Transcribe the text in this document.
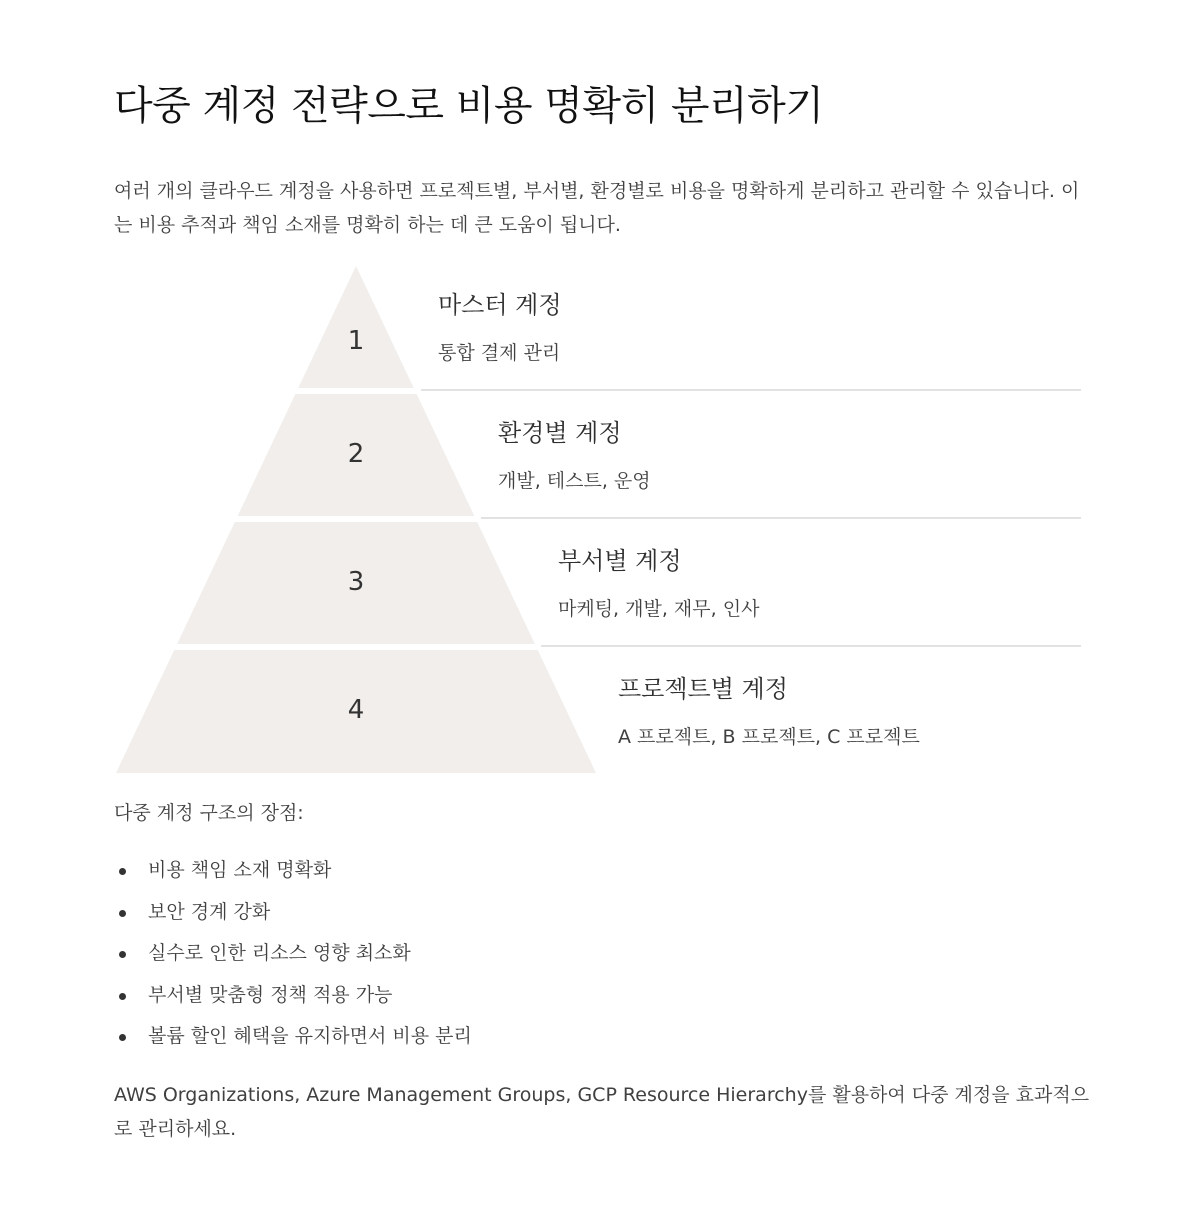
다중 계정 전략으로 비용 명확히 분리하기

여러 개의 클라우드 계정을 사용하면 프로젝트별, 부서별, 환경별로 비용을 명확하게 분리하고 관리할 수 있습니다. 이는 비용 추적과 책임 소재를 명확히 하는 데 큰 도움이 됩니다.

1
마스터 계정

통합 결제 관리

2
환경별 계정

개발, 테스트, 운영

3
부서별 계정

마케팅, 개발, 재무, 인사

4
프로젝트별 계정

A 프로젝트, B 프로젝트, C 프로젝트

다중 계정 구조의 장점:
비용 책임 소재 명확화
보안 경계 강화
실수로 인한 리소스 영향 최소화
부서별 맞춤형 정책 적용 가능
볼륨 할인 혜택을 유지하면서 비용 분리

AWS Organizations, Azure Management Groups, GCP Resource Hierarchy를 활용하여 다중 계정을 효과적으로 관리하세요.
